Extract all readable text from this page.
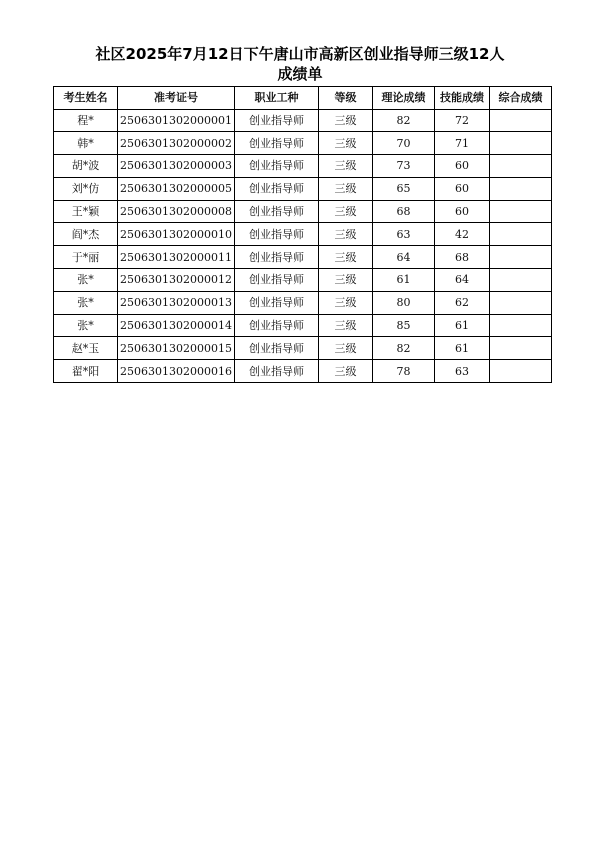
社区2025年7月12日下午唐山市高新区创业指导师三级12人
成绩单
考生姓名	准考证号	职业工种	等级	理论成绩	技能成绩	综合成绩
程*	2506301302000001	创业指导师	三级	82	72	
韩*	2506301302000002	创业指导师	三级	70	71	
胡*波	2506301302000003	创业指导师	三级	73	60	
刘*仿	2506301302000005	创业指导师	三级	65	60	
王*颖	2506301302000008	创业指导师	三级	68	60	
阎*杰	2506301302000010	创业指导师	三级	63	42	
于*丽	2506301302000011	创业指导师	三级	64	68	
张*	2506301302000012	创业指导师	三级	61	64	
张*	2506301302000013	创业指导师	三级	80	62	
张*	2506301302000014	创业指导师	三级	85	61	
赵*玉	2506301302000015	创业指导师	三级	82	61	
翟*阳	2506301302000016	创业指导师	三级	78	63	
